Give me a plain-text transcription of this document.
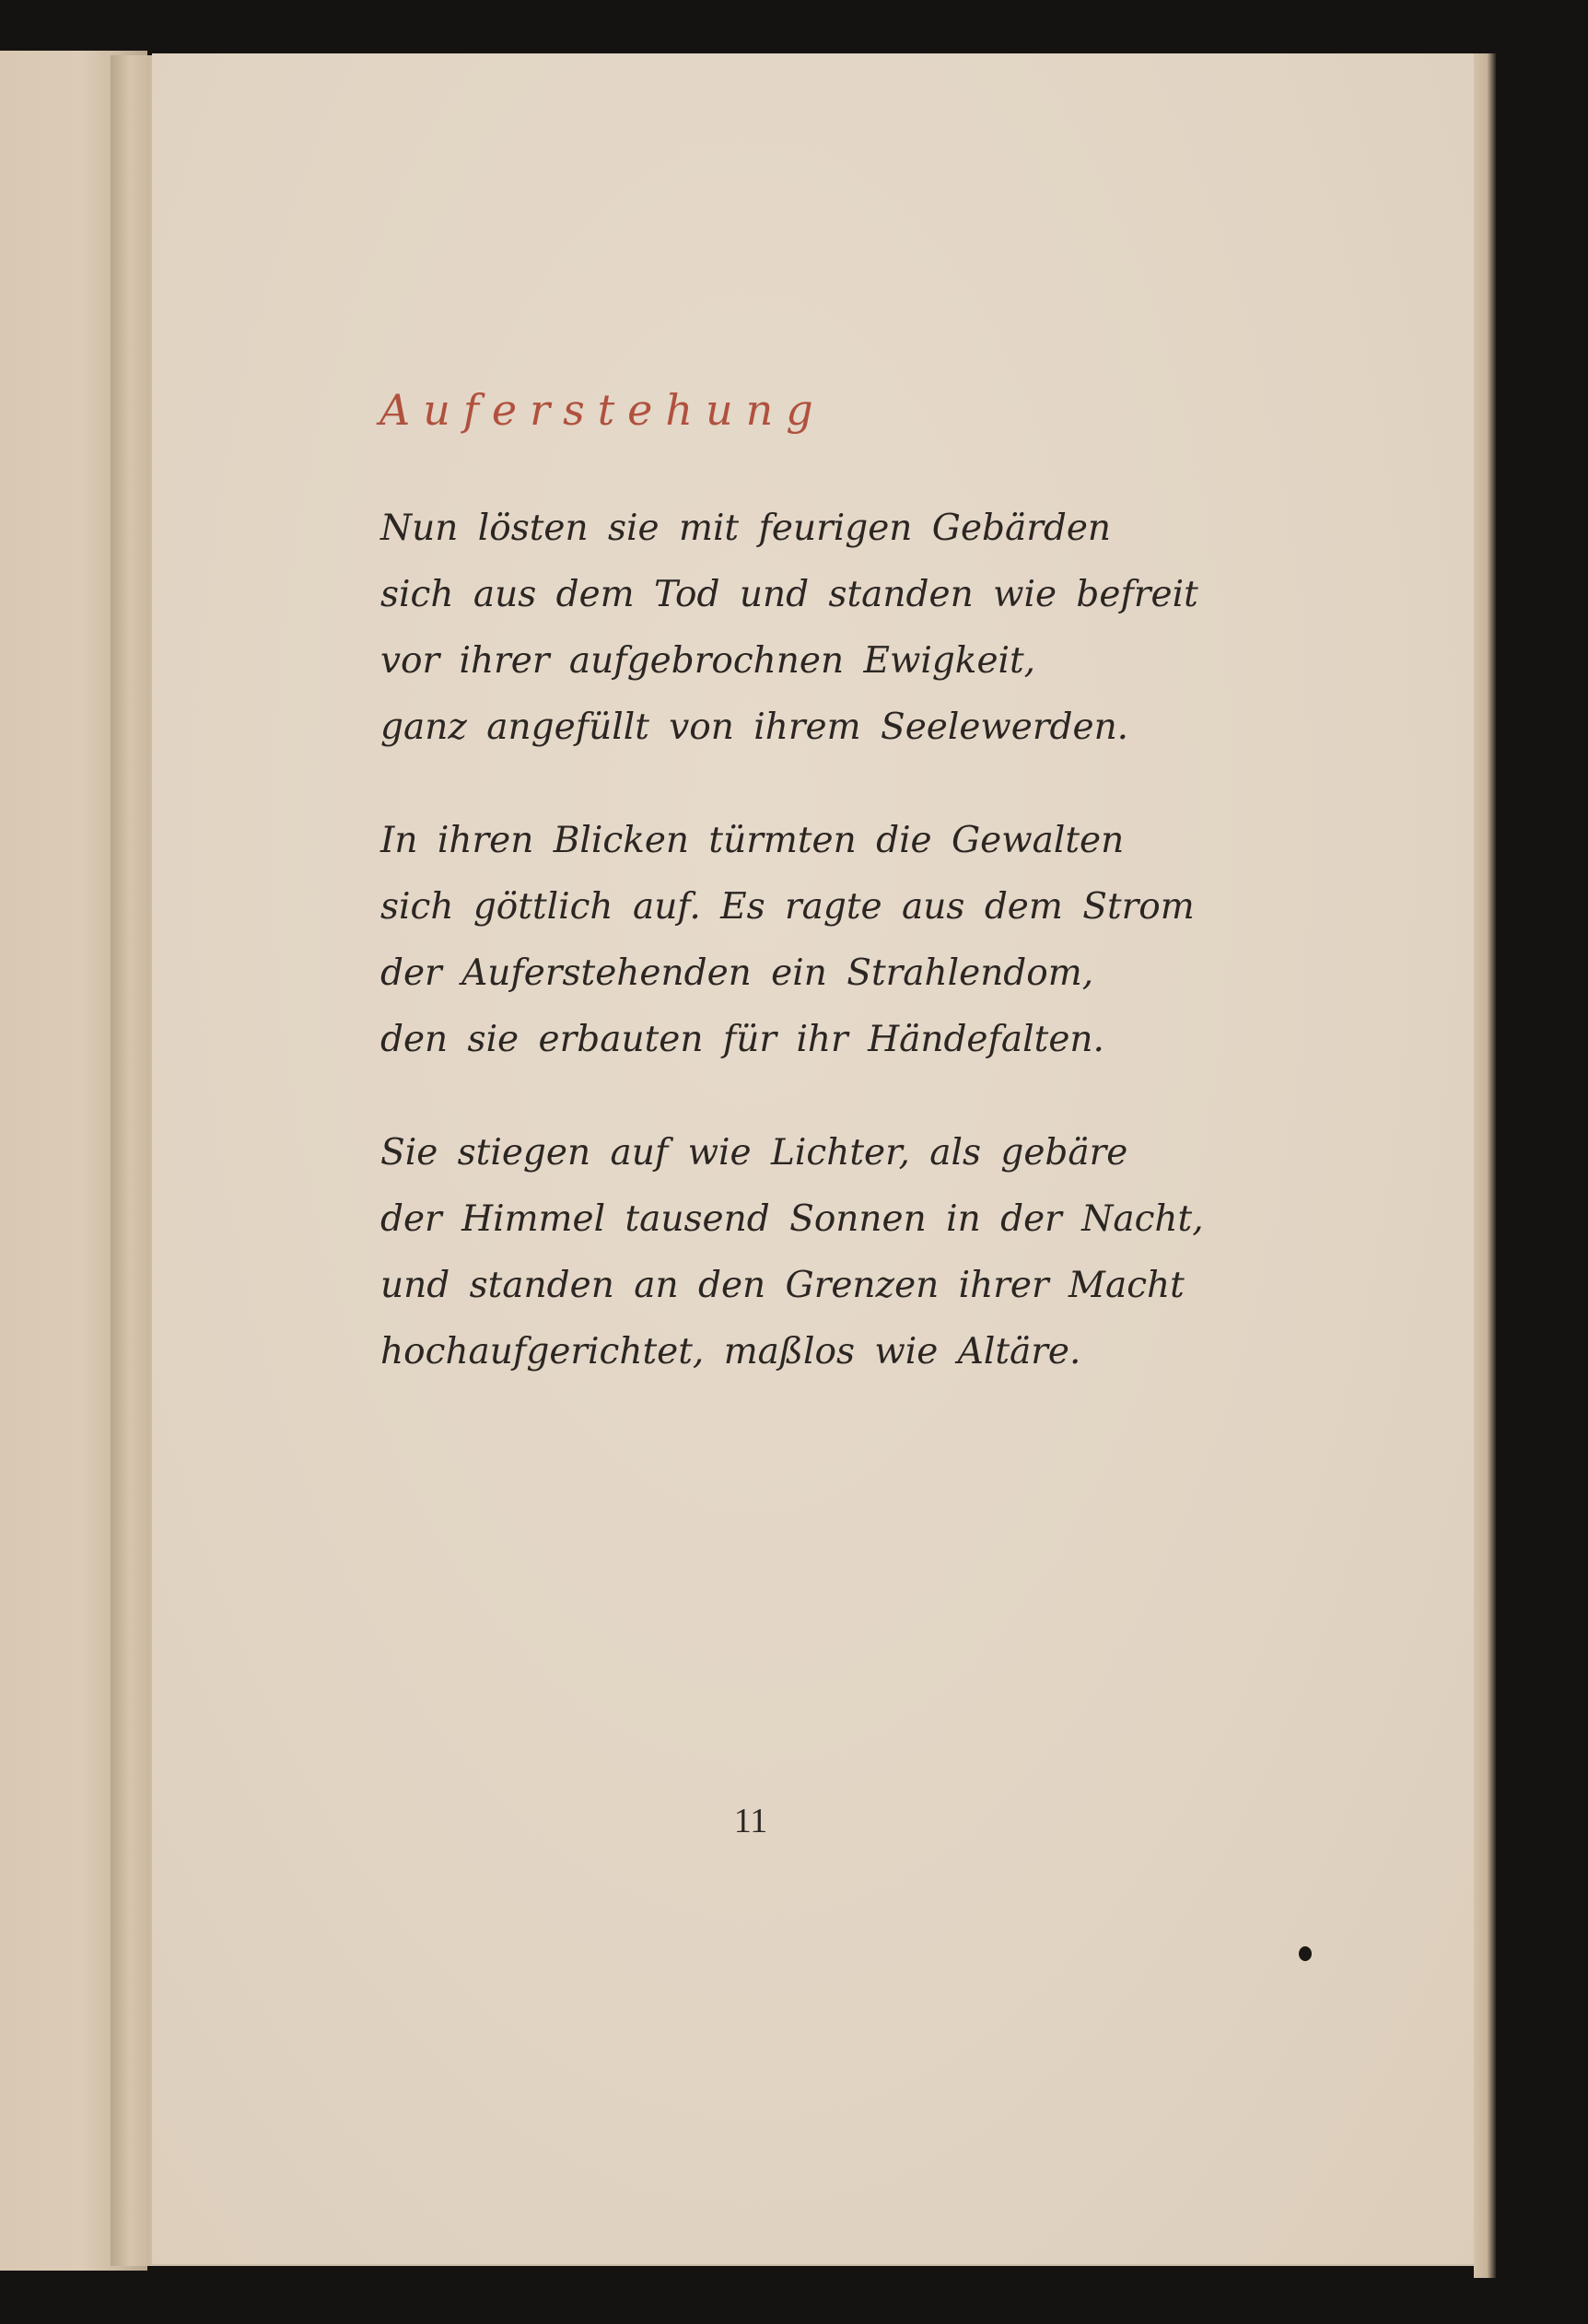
Auferstehung
Nun lösten sie mit feurigen Gebärden
sich aus dem Tod und standen wie befreit
vor ihrer aufgebrochnen Ewigkeit,
ganz angefüllt von ihrem Seelewerden.
In ihren Blicken türmten die Gewalten
sich göttlich auf. Es ragte aus dem Strom
der Auferstehenden ein Strahlendom,
den sie erbauten für ihr Händefalten.
Sie stiegen auf wie Lichter, als gebäre
der Himmel tausend Sonnen in der Nacht,
und standen an den Grenzen ihrer Macht
hochaufgerichtet, maßlos wie Altäre.
11
